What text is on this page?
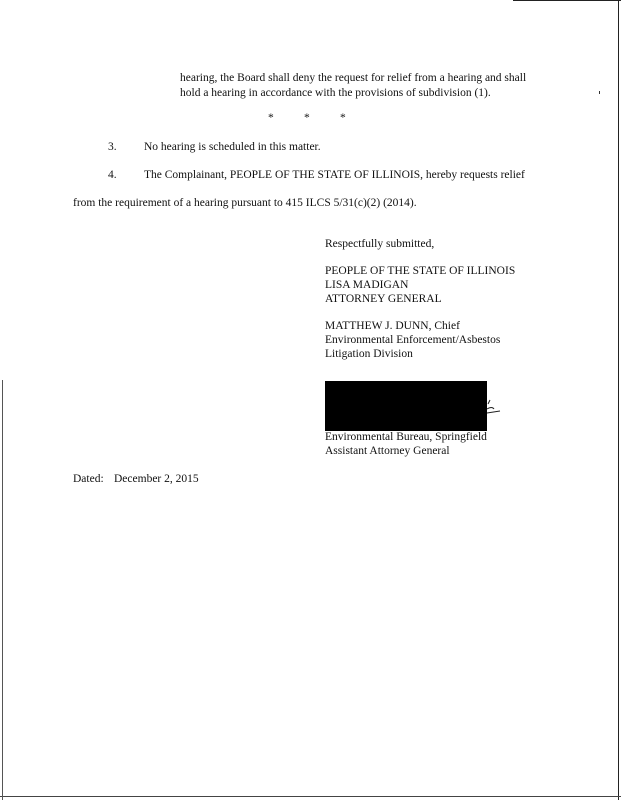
hearing, the Board shall deny the request for relief from a hearing and shall
hold a hearing in accordance with the provisions of subdivision (1).
*	*	*
3. No hearing is scheduled in this matter.
4. The Complainant, PEOPLE OF THE STATE OF ILLINOIS, hereby requests relief
from the requirement of a hearing pursuant to 415 ILCS 5/31(c)(2) (2014).
Respectfully submitted,
PEOPLE OF THE STATE OF ILLINOIS
LISA MADIGAN
ATTORNEY GENERAL
MATTHEW J. DUNN, Chief
Environmental Enforcement/Asbestos
Litigation Division
Environmental Bureau, Springfield
Assistant Attorney General
Dated: December 2, 2015
